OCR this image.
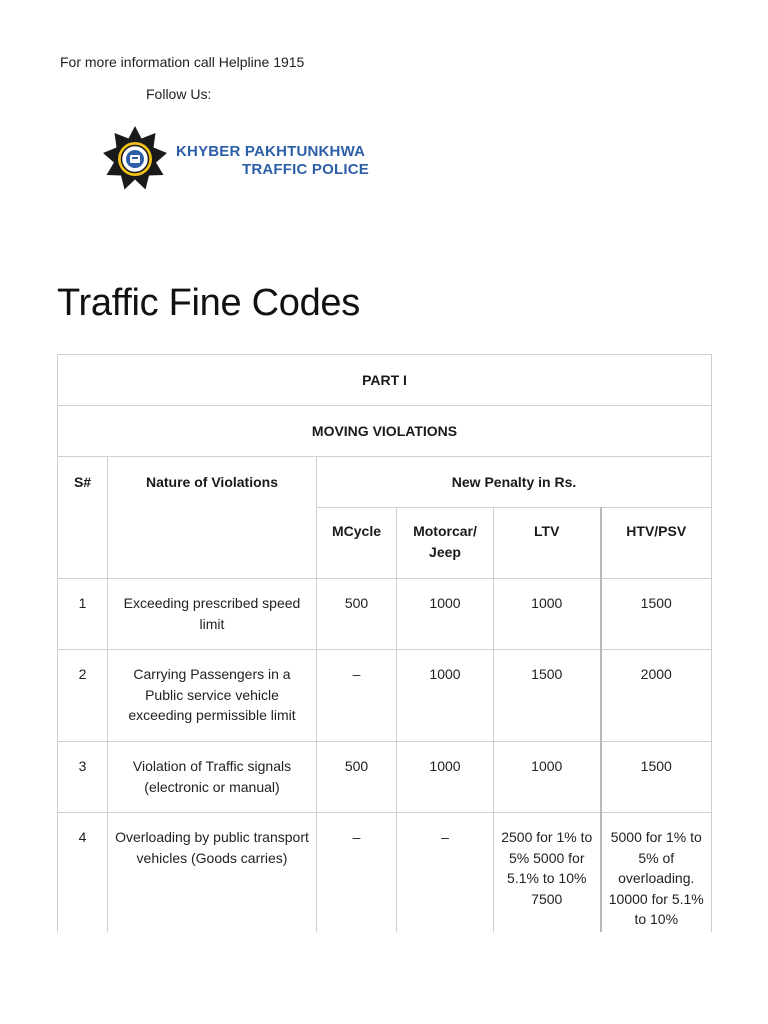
For more information call Helpline 1915
Follow Us:
KHYBER PAKHTUNKHWA
TRAFFIC POLICE
Traffic Fine Codes
PART I					
MOVING VIOLATIONS					
S#	Nature of Violations	New Penalty in Rs.			
		MCycle	Motorcar/ Jeep	LTV	HTV/PSV
1	Exceeding prescribed speed limit	500	1000	1000	1500
2	Carrying Passengers in a Public service vehicle exceeding permissible limit	–	1000	1500	2000
3	Violation of Traffic signals (electronic or manual)	500	1000	1000	1500
4	Overloading by public transport vehicles (Goods carries)	–	–	2500 for 1% to 5% 5000 for 5.1% to 10% 7500	5000 for 1% to 5% of overloading. 10000 for 5.1% to 10%
